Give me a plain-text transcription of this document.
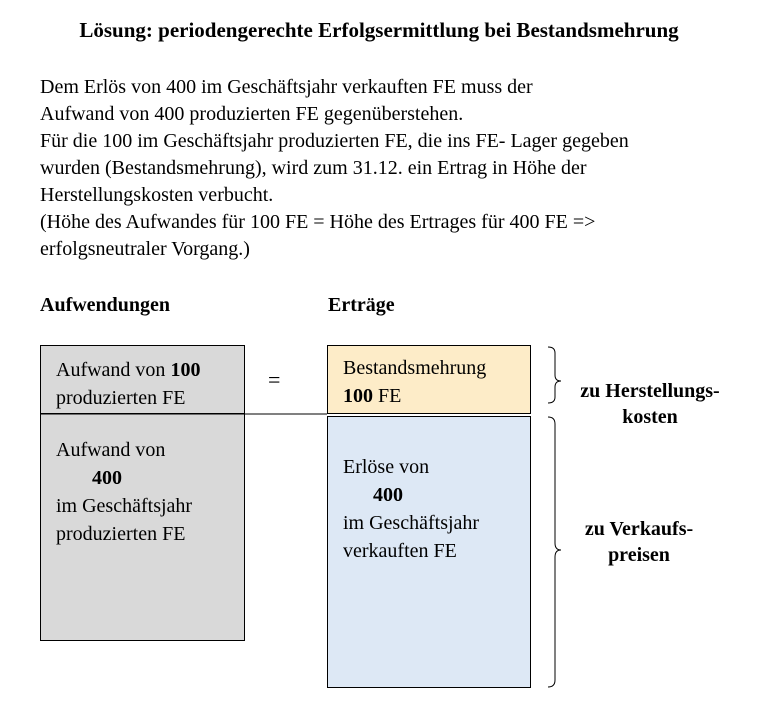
Lösung: periodengerechte Erfolgsermittlung bei Bestandsmehrung
Dem Erlös von 400 im Geschäftsjahr verkauften FE muss der
Aufwand von 400 produzierten FE gegenüberstehen.
Für die 100 im Geschäftsjahr produzierten FE, die ins FE- Lager gegeben
wurden (Bestandsmehrung), wird zum 31.12. ein Ertrag in Höhe der
Herstellungskosten verbucht.
(Höhe des Aufwandes für 100 FE = Höhe des Ertrages für 400 FE =>
erfolgsneutraler Vorgang.)
Aufwendungen	Erträge
Aufwand von 100
produzierten FE
Aufwand von
400
im Geschäftsjahr
produzierten FE
=	Bestandsmehrung
100 FE
Erlöse von
400
im Geschäftsjahr
verkauften FE
zu Herstellungs-
kosten
zu Verkaufs-
preisen
